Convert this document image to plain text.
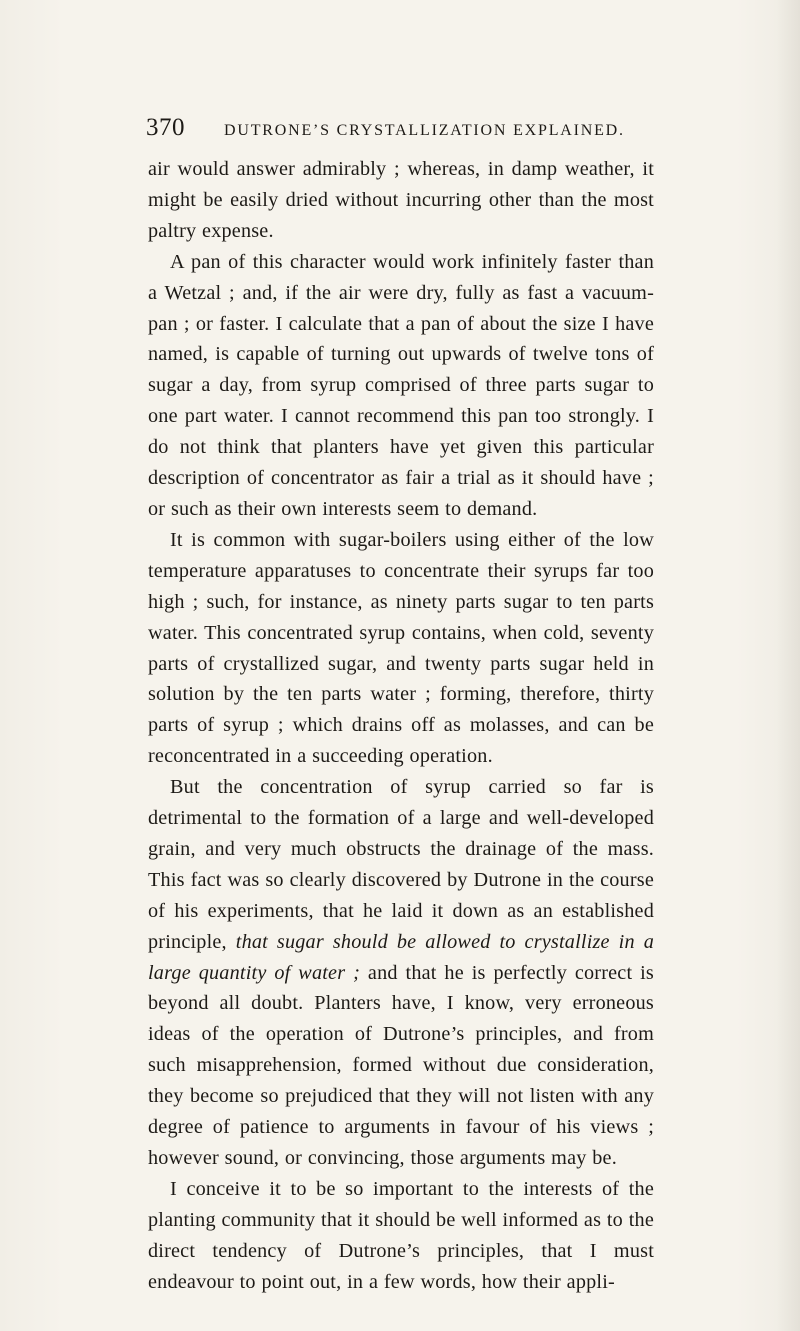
370	DUTRONE’S CRYSTALLIZATION EXPLAINED.

air would answer admirably ; whereas, in damp weather, it might be easily dried without incurring other than the most paltry expense.

A pan of this character would work infinitely faster than a Wetzal ; and, if the air were dry, fully as fast a vacuum-pan ; or faster. I calculate that a pan of about the size I have named, is capable of turning out upwards of twelve tons of sugar a day, from syrup comprised of three parts sugar to one part water. I cannot recommend this pan too strongly. I do not think that planters have yet given this particular description of concentrator as fair a trial as it should have ; or such as their own interests seem to demand.

It is common with sugar-boilers using either of the low temperature apparatuses to concentrate their syrups far too high ; such, for instance, as ninety parts sugar to ten parts water. This concentrated syrup contains, when cold, seventy parts of crystallized sugar, and twenty parts sugar held in solution by the ten parts water ; forming, therefore, thirty parts of syrup ; which drains off as molasses, and can be reconcentrated in a succeeding operation.

But the concentration of syrup carried so far is detrimental to the formation of a large and well-developed grain, and very much obstructs the drainage of the mass. This fact was so clearly discovered by Dutrone in the course of his experiments, that he laid it down as an established principle, that sugar should be allowed to crystallize in a large quantity of water ; and that he is perfectly correct is beyond all doubt. Planters have, I know, very erroneous ideas of the operation of Dutrone’s principles, and from such misapprehension, formed without due consideration, they become so prejudiced that they will not listen with any degree of patience to arguments in favour of his views ; however sound, or convincing, those arguments may be.

I conceive it to be so important to the interests of the planting community that it should be well informed as to the direct tendency of Dutrone’s principles, that I must endeavour to point out, in a few words, how their appli-
